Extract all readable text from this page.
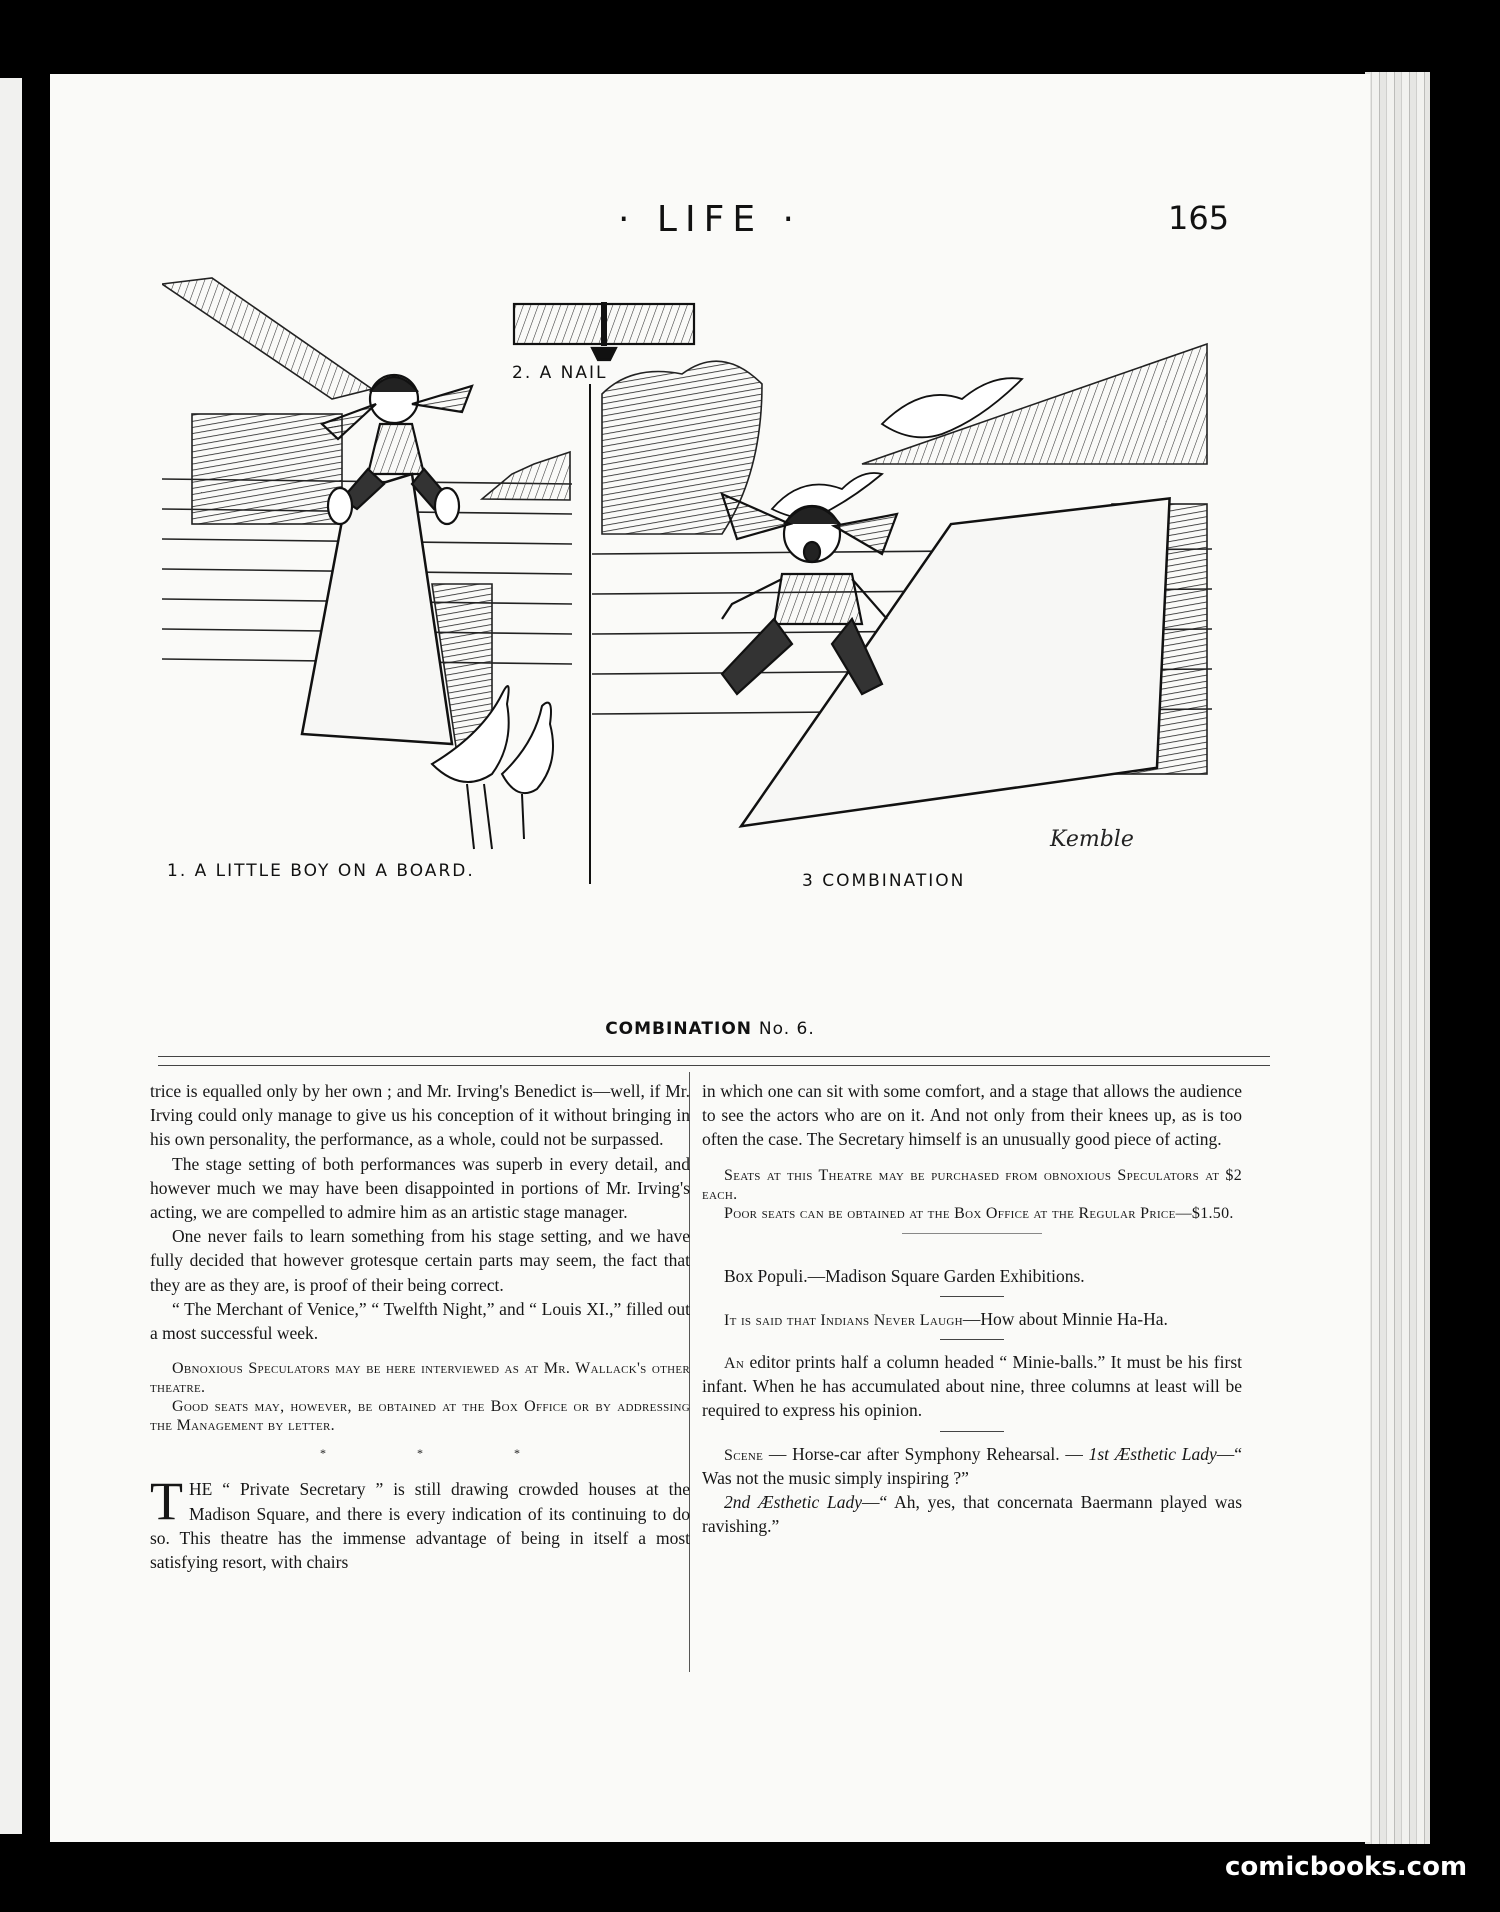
· LIFE ·	165
2. A NAIL
1. A LITTLE BOY ON A BOARD.	3 COMBINATION
Kemble
COMBINATION No. 6.

trice is equalled only by her own ; and Mr. Irving's Benedict is—well, if Mr. Irving could only manage to give us his conception of it without bringing in his own personality, the performance, as a whole, could not be surpassed.

The stage setting of both performances was superb in every detail, and however much we may have been disappointed in portions of Mr. Irving's acting, we are compelled to admire him as an artistic stage manager.

One never fails to learn something from his stage setting, and we have fully decided that however grotesque certain parts may seem, the fact that they are as they are, is proof of their being correct.

“ The Merchant of Venice,” “ Twelfth Night,” and “ Louis XI.,” filled out a most successful week.

Obnoxious Speculators may be here interviewed as at Mr. Wallack's other theatre.

Good seats may, however, be obtained at the Box Office or by addressing the Management by letter.

* * *

THE “ Private Secretary ” is still drawing crowded houses at the Madison Square, and there is every indication of its continuing to do so. This theatre has the immense advantage of being in itself a most satisfying resort, with chairs

in which one can sit with some comfort, and a stage that allows the audience to see the actors who are on it. And not only from their knees up, as is too often the case. The Secretary himself is an unusually good piece of acting.

Seats at this Theatre may be purchased from obnoxious Speculators at $2 each.

Poor seats can be obtained at the Box Office at the Regular Price—$1.50.

Box Populi.—Madison Square Garden Exhibitions.

It is said that Indians Never Laugh—How about Minnie Ha-Ha.

An editor prints half a column headed “ Minie-balls.” It must be his first infant. When he has accumulated about nine, three columns at least will be required to express his opinion.

Scene — Horse-car after Symphony Rehearsal. — 1st Æsthetic Lady—“ Was not the music simply inspiring ?”

2nd Æsthetic Lady—“ Ah, yes, that concernata Baermann played was ravishing.”

comicbooks.com
